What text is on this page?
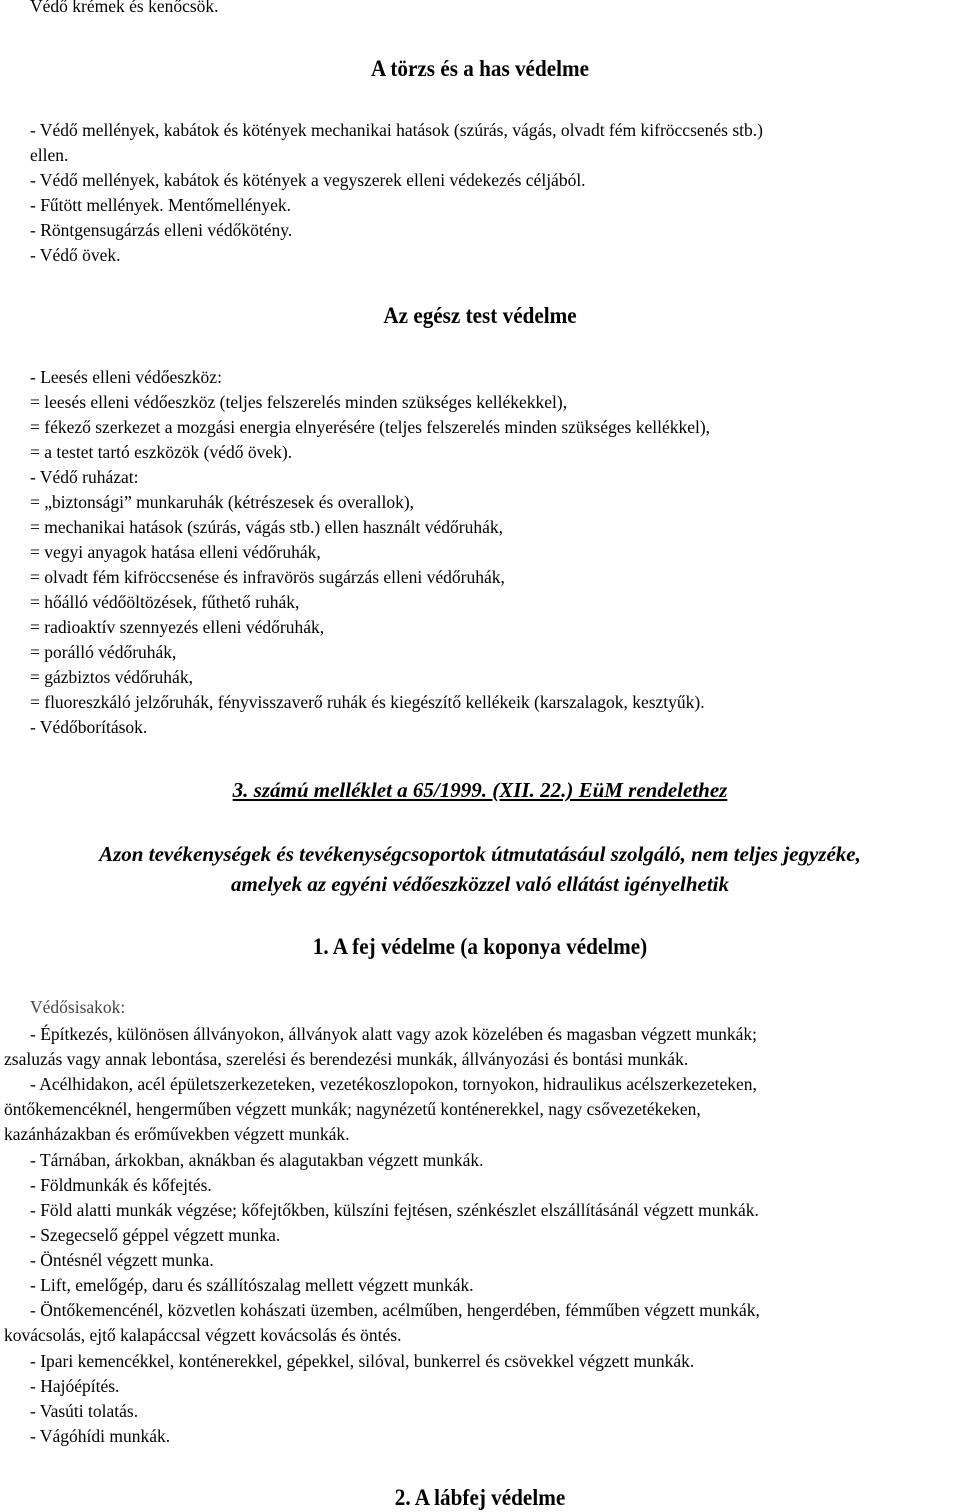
Védő krémek és kenőcsök.
A törzs és a has védelme
- Védő mellények, kabátok és kötények mechanikai hatások (szúrás, vágás, olvadt fém kifröccsenés stb.)
ellen.
- Védő mellények, kabátok és kötények a vegyszerek elleni védekezés céljából.
- Fűtött mellények. Mentőmellények.
- Röntgensugárzás elleni védőkötény.
- Védő övek.
Az egész test védelme
- Leesés elleni védőeszköz:
= leesés elleni védőeszköz (teljes felszerelés minden szükséges kellékekkel),
= fékező szerkezet a mozgási energia elnyerésére (teljes felszerelés minden szükséges kellékkel),
= a testet tartó eszközök (védő övek).
- Védő ruházat:
= „biztonsági” munkaruhák (kétrészesek és overallok),
= mechanikai hatások (szúrás, vágás stb.) ellen használt védőruhák,
= vegyi anyagok hatása elleni védőruhák,
= olvadt fém kifröccsenése és infravörös sugárzás elleni védőruhák,
= hőálló védőöltözések, fűthető ruhák,
= radioaktív szennyezés elleni védőruhák,
= porálló védőruhák,
= gázbiztos védőruhák,
= fluoreszkáló jelzőruhák, fényvisszaverő ruhák és kiegészítő kellékeik (karszalagok, kesztyűk).
- Védőborítások.
3. számú melléklet a 65/1999. (XII. 22.) EüM rendelethez
Azon tevékenységek és tevékenységcsoportok útmutatásául szolgáló, nem teljes jegyzéke,
amelyek az egyéni védőeszközzel való ellátást igényelhetik
1. A fej védelme (a koponya védelme)
Védősisakok:
- Építkezés, különösen állványokon, állványok alatt vagy azok közelében és magasban végzett munkák;
zsaluzás vagy annak lebontása, szerelési és berendezési munkák, állványozási és bontási munkák.
- Acélhidakon, acél épületszerkezeteken, vezetékoszlopokon, tornyokon, hidraulikus acélszerkezeteken,
öntőkemencéknél, hengerműben végzett munkák; nagynézetű konténerekkel, nagy csővezetékeken,
kazánházakban és erőművekben végzett munkák.
- Tárnában, árkokban, aknákban és alagutakban végzett munkák.
- Földmunkák és kőfejtés.
- Föld alatti munkák végzése; kőfejtőkben, külszíni fejtésen, szénkészlet elszállításánál végzett munkák.
- Szegecselő géppel végzett munka.
- Öntésnél végzett munka.
- Lift, emelőgép, daru és szállítószalag mellett végzett munkák.
- Öntőkemencénél, közvetlen kohászati üzemben, acélműben, hengerdében, fémműben végzett munkák,
kovácsolás, ejtő kalapáccsal végzett kovácsolás és öntés.
- Ipari kemencékkel, konténerekkel, gépekkel, silóval, bunkerrel és csövekkel végzett munkák.
- Hajóépítés.
- Vasúti tolatás.
- Vágóhídi munkák.
2. A lábfej védelme
